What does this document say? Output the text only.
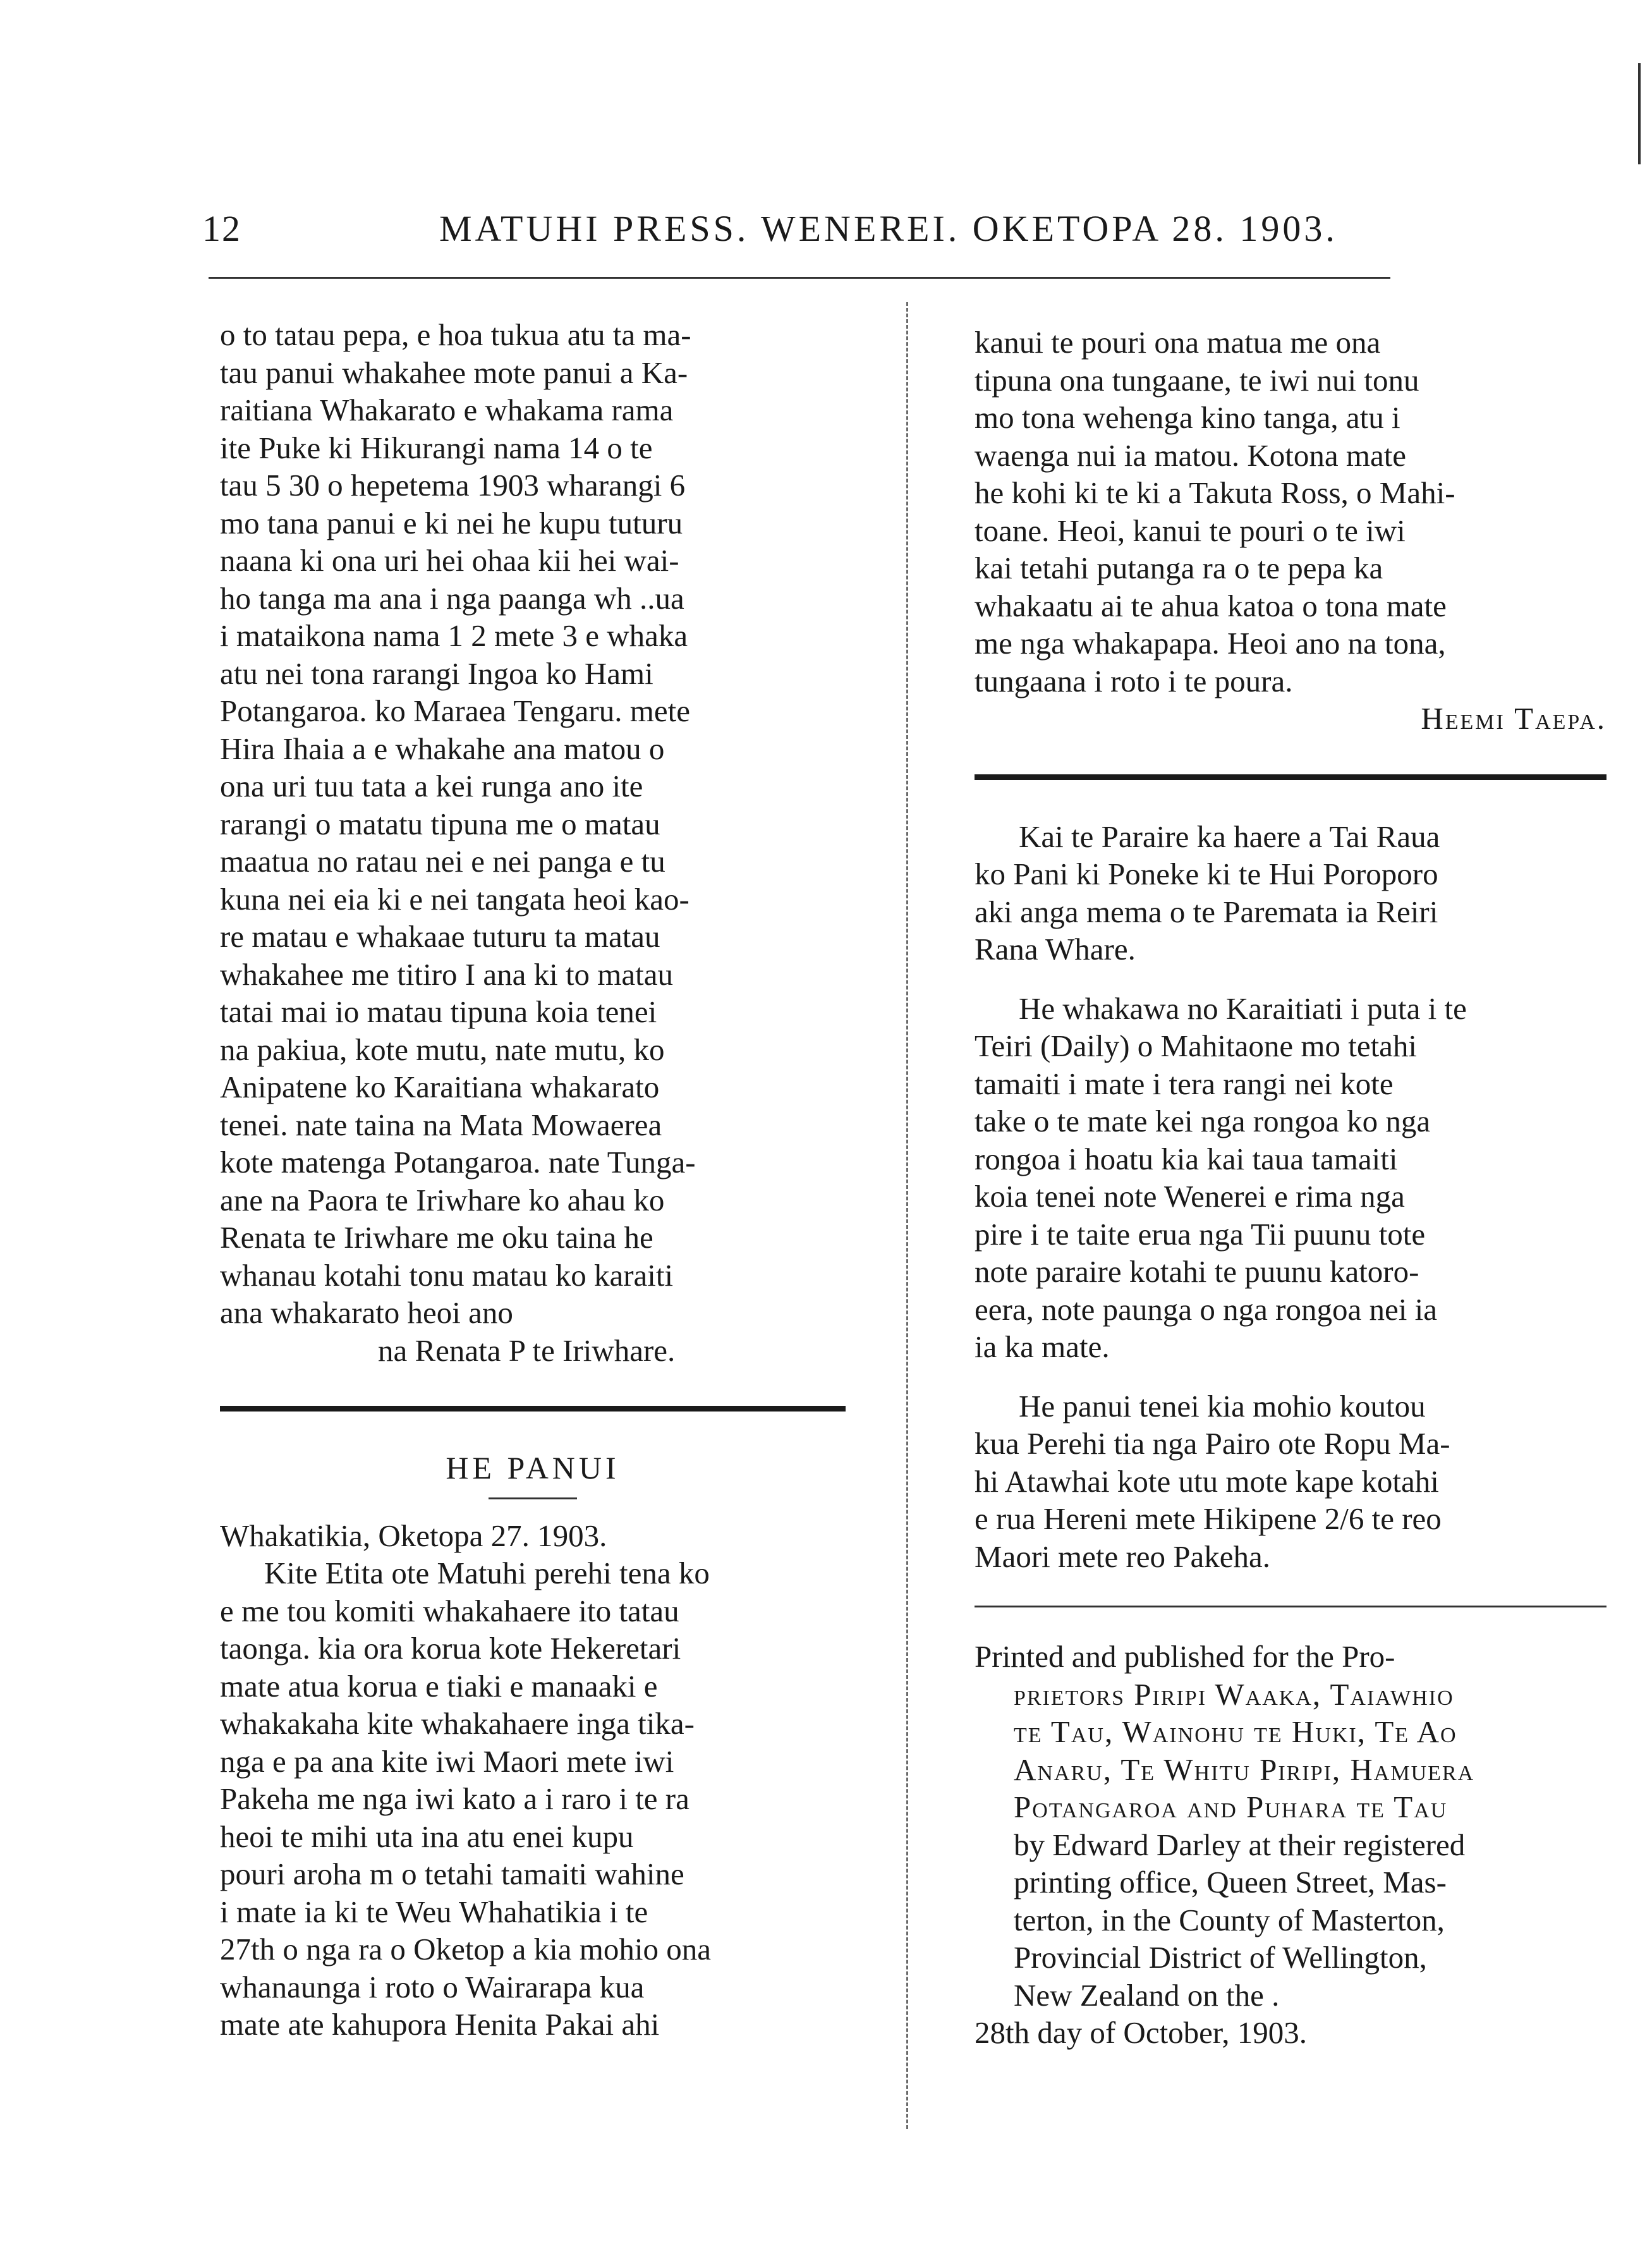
12	MATUHI PRESS. WENEREI. OKETOPA 28. 1903.

o to tatau pepa, e hoa tukua atu ta ma-
tau panui whakahee mote panui a Ka-
raitiana Whakarato e whakama rama
ite Puke ki Hikurangi nama 14 o te
tau 5 30 o hepetema 1903 wharangi 6
mo tana panui e ki nei he kupu tuturu
naana ki ona uri hei ohaa kii hei wai-
ho tanga ma ana i nga paanga wh ..ua
i mataikona nama 1 2 mete 3 e whaka
atu nei tona rarangi Ingoa ko Hami
Potangaroa. ko Maraea Tengaru. mete
Hira Ihaia a e whakahe ana matou o
ona uri tuu tata a kei runga ano ite
rarangi o matatu tipuna me o matau
maatua no ratau nei e nei panga e tu
kuna nei eia ki e nei tangata heoi kao-
re matau e whakaae tuturu ta matau
whakahee me titiro I ana ki to matau
tatai mai io matau tipuna koia tenei
na pakiua, kote mutu, nate mutu, ko
Anipatene ko Karaitiana whakarato
tenei. nate taina na Mata Mowaerea
kote matenga Potangaroa. nate Tunga-
ane na Paora te Iriwhare ko ahau ko
Renata te Iriwhare me oku taina he
whanau kotahi tonu matau ko karaiti
ana whakarato heoi ano
na Renata P te Iriwhare.

HE PANUI

Whakatikia, Oketopa 27. 1903.

Kite Etita ote Matuhi perehi tena ko
e me tou komiti whakahaere ito tatau
taonga. kia ora korua kote Hekeretari
mate atua korua e tiaki e manaaki e
whakakaha kite whakahaere inga tika-
nga e pa ana kite iwi Maori mete iwi
Pakeha me nga iwi kato a i raro i te ra
heoi te mihi uta ina atu enei kupu
pouri aroha m o tetahi tamaiti wahine
i mate ia ki te Weu Whahatikia i te
27th o nga ra o Oketop a kia mohio ona
whanaunga i roto o Wairarapa kua
mate ate kahupora Henita Pakai ahi

kanui te pouri ona matua me ona
tipuna ona tungaane, te iwi nui tonu
mo tona wehenga kino tanga, atu i
waenga nui ia matou. Kotona mate
he kohi ki te ki a Takuta Ross, o Mahi-
toane. Heoi, kanui te pouri o te iwi
kai tetahi putanga ra o te pepa ka
whakaatu ai te ahua katoa o tona mate
me nga whakapapa. Heoi ano na tona,
tungaana i roto i te poura.
Heemi Taepa.

Kai te Paraire ka haere a Tai Raua
ko Pani ki Poneke ki te Hui Poroporo
aki anga mema o te Paremata ia Reiri
Rana Whare.

He whakawa no Karaitiati i puta i te
Teiri (Daily) o Mahitaone mo tetahi
tamaiti i mate i tera rangi nei kote
take o te mate kei nga rongoa ko nga
rongoa i hoatu kia kai taua tamaiti
koia tenei note Wenerei e rima nga
pire i te taite erua nga Tii puunu tote
note paraire kotahi te puunu katoro-
eera, note paunga o nga rongoa nei ia
ia ka mate.

He panui tenei kia mohio koutou
kua Perehi tia nga Pairo ote Ropu Ma-
hi Atawhai kote utu mote kape kotahi
e rua Hereni mete Hikipene 2/6 te reo
Maori mete reo Pakeha.

Printed and published for the Pro-
prietors Piripi Waaka, Taiawhio
te Tau, Wainohu te Huki, Te Ao
Anaru, Te Whitu Piripi, Hamuera
Potangaroa and Puhara te Tau
by Edward Darley at their registered
printing office, Queen Street, Mas-
terton, in the County of Masterton,
Provincial District of Wellington,
New Zealand on the .

28th day of October, 1903.
